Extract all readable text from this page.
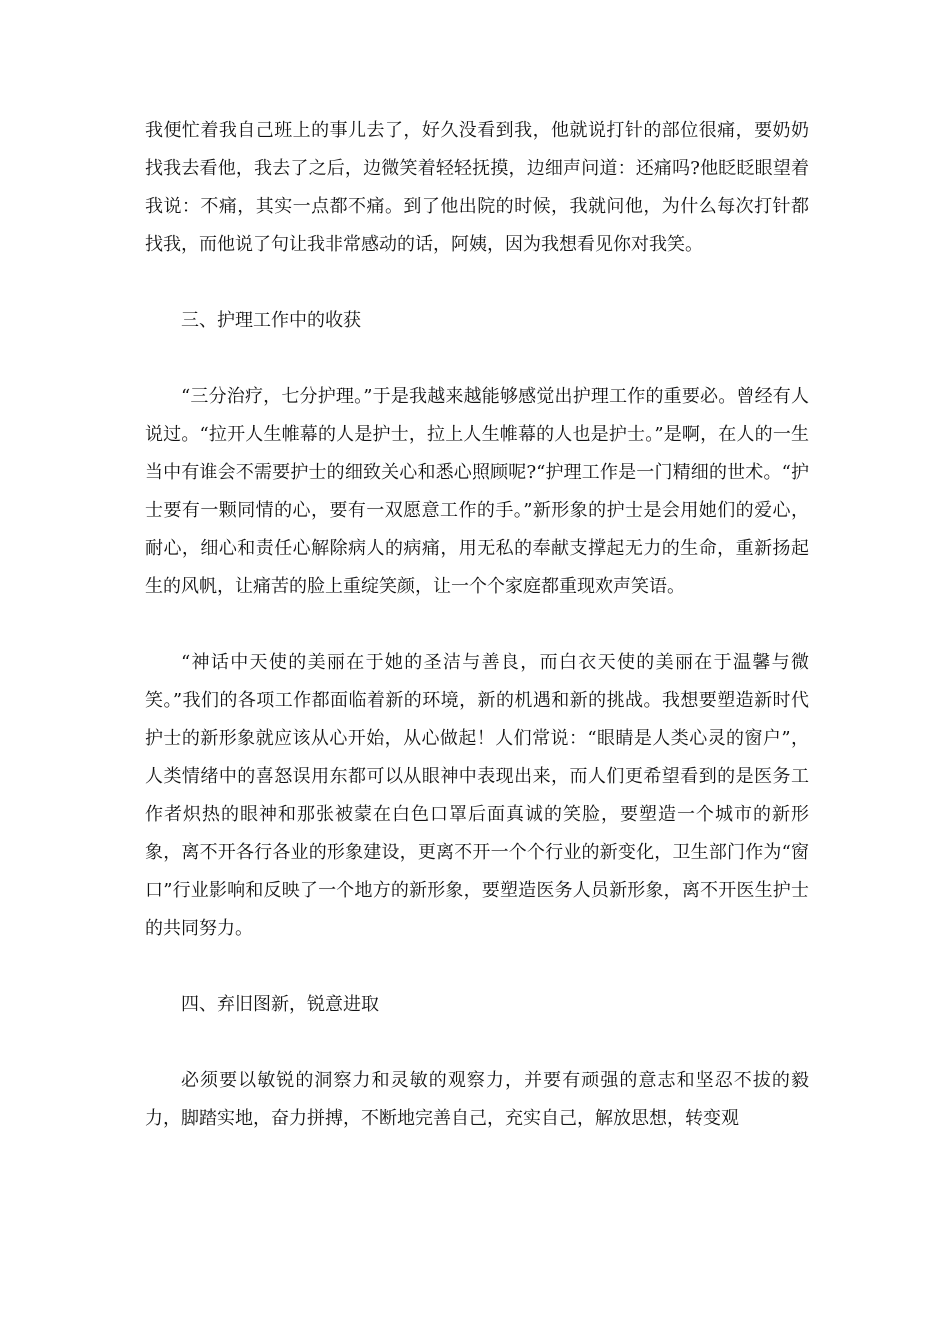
我便忙着我自己班上的事儿去了，好久没看到我，他就说打针的部位很痛，要奶奶找我去看他，我去了之后，边微笑着轻轻抚摸，边细声问道：还痛吗?他眨眨眼望着我说：不痛，其实一点都不痛。到了他出院的时候，我就问他，为什么每次打针都找我，而他说了句让我非常感动的话，阿姨，因为我想看见你对我笑。

三、护理工作中的收获

“三分治疗，七分护理。”于是我越来越能够感觉出护理工作的重要必。曾经有人说过。“拉开人生帷幕的人是护士，拉上人生帷幕的人也是护士。”是啊，在人的一生当中有谁会不需要护士的细致关心和悉心照顾呢?“护理工作是一门精细的世术。“护士要有一颗同情的心，要有一双愿意工作的手。”新形象的护士是会用她们的爱心，耐心，细心和责任心解除病人的病痛，用无私的奉献支撑起无力的生命，重新扬起生的风帆，让痛苦的脸上重绽笑颜，让一个个家庭都重现欢声笑语。

“神话中天使的美丽在于她的圣洁与善良，而白衣天使的美丽在于温馨与微笑。”我们的各项工作都面临着新的环境，新的机遇和新的挑战。我想要塑造新时代护士的新形象就应该从心开始，从心做起！人们常说：“眼睛是人类心灵的窗户”，人类情绪中的喜怒误用东都可以从眼神中表现出来，而人们更希望看到的是医务工作者炽热的眼神和那张被蒙在白色口罩后面真诚的笑脸，要塑造一个城市的新形象，离不开各行各业的形象建设，更离不开一个个行业的新变化，卫生部门作为“窗口”行业影响和反映了一个地方的新形象，要塑造医务人员新形象，离不开医生护士的共同努力。

四、弃旧图新，锐意进取

必须要以敏锐的洞察力和灵敏的观察力，并要有顽强的意志和坚忍不拔的毅力，脚踏实地，奋力拼搏，不断地完善自己，充实自己，解放思想，转变观
